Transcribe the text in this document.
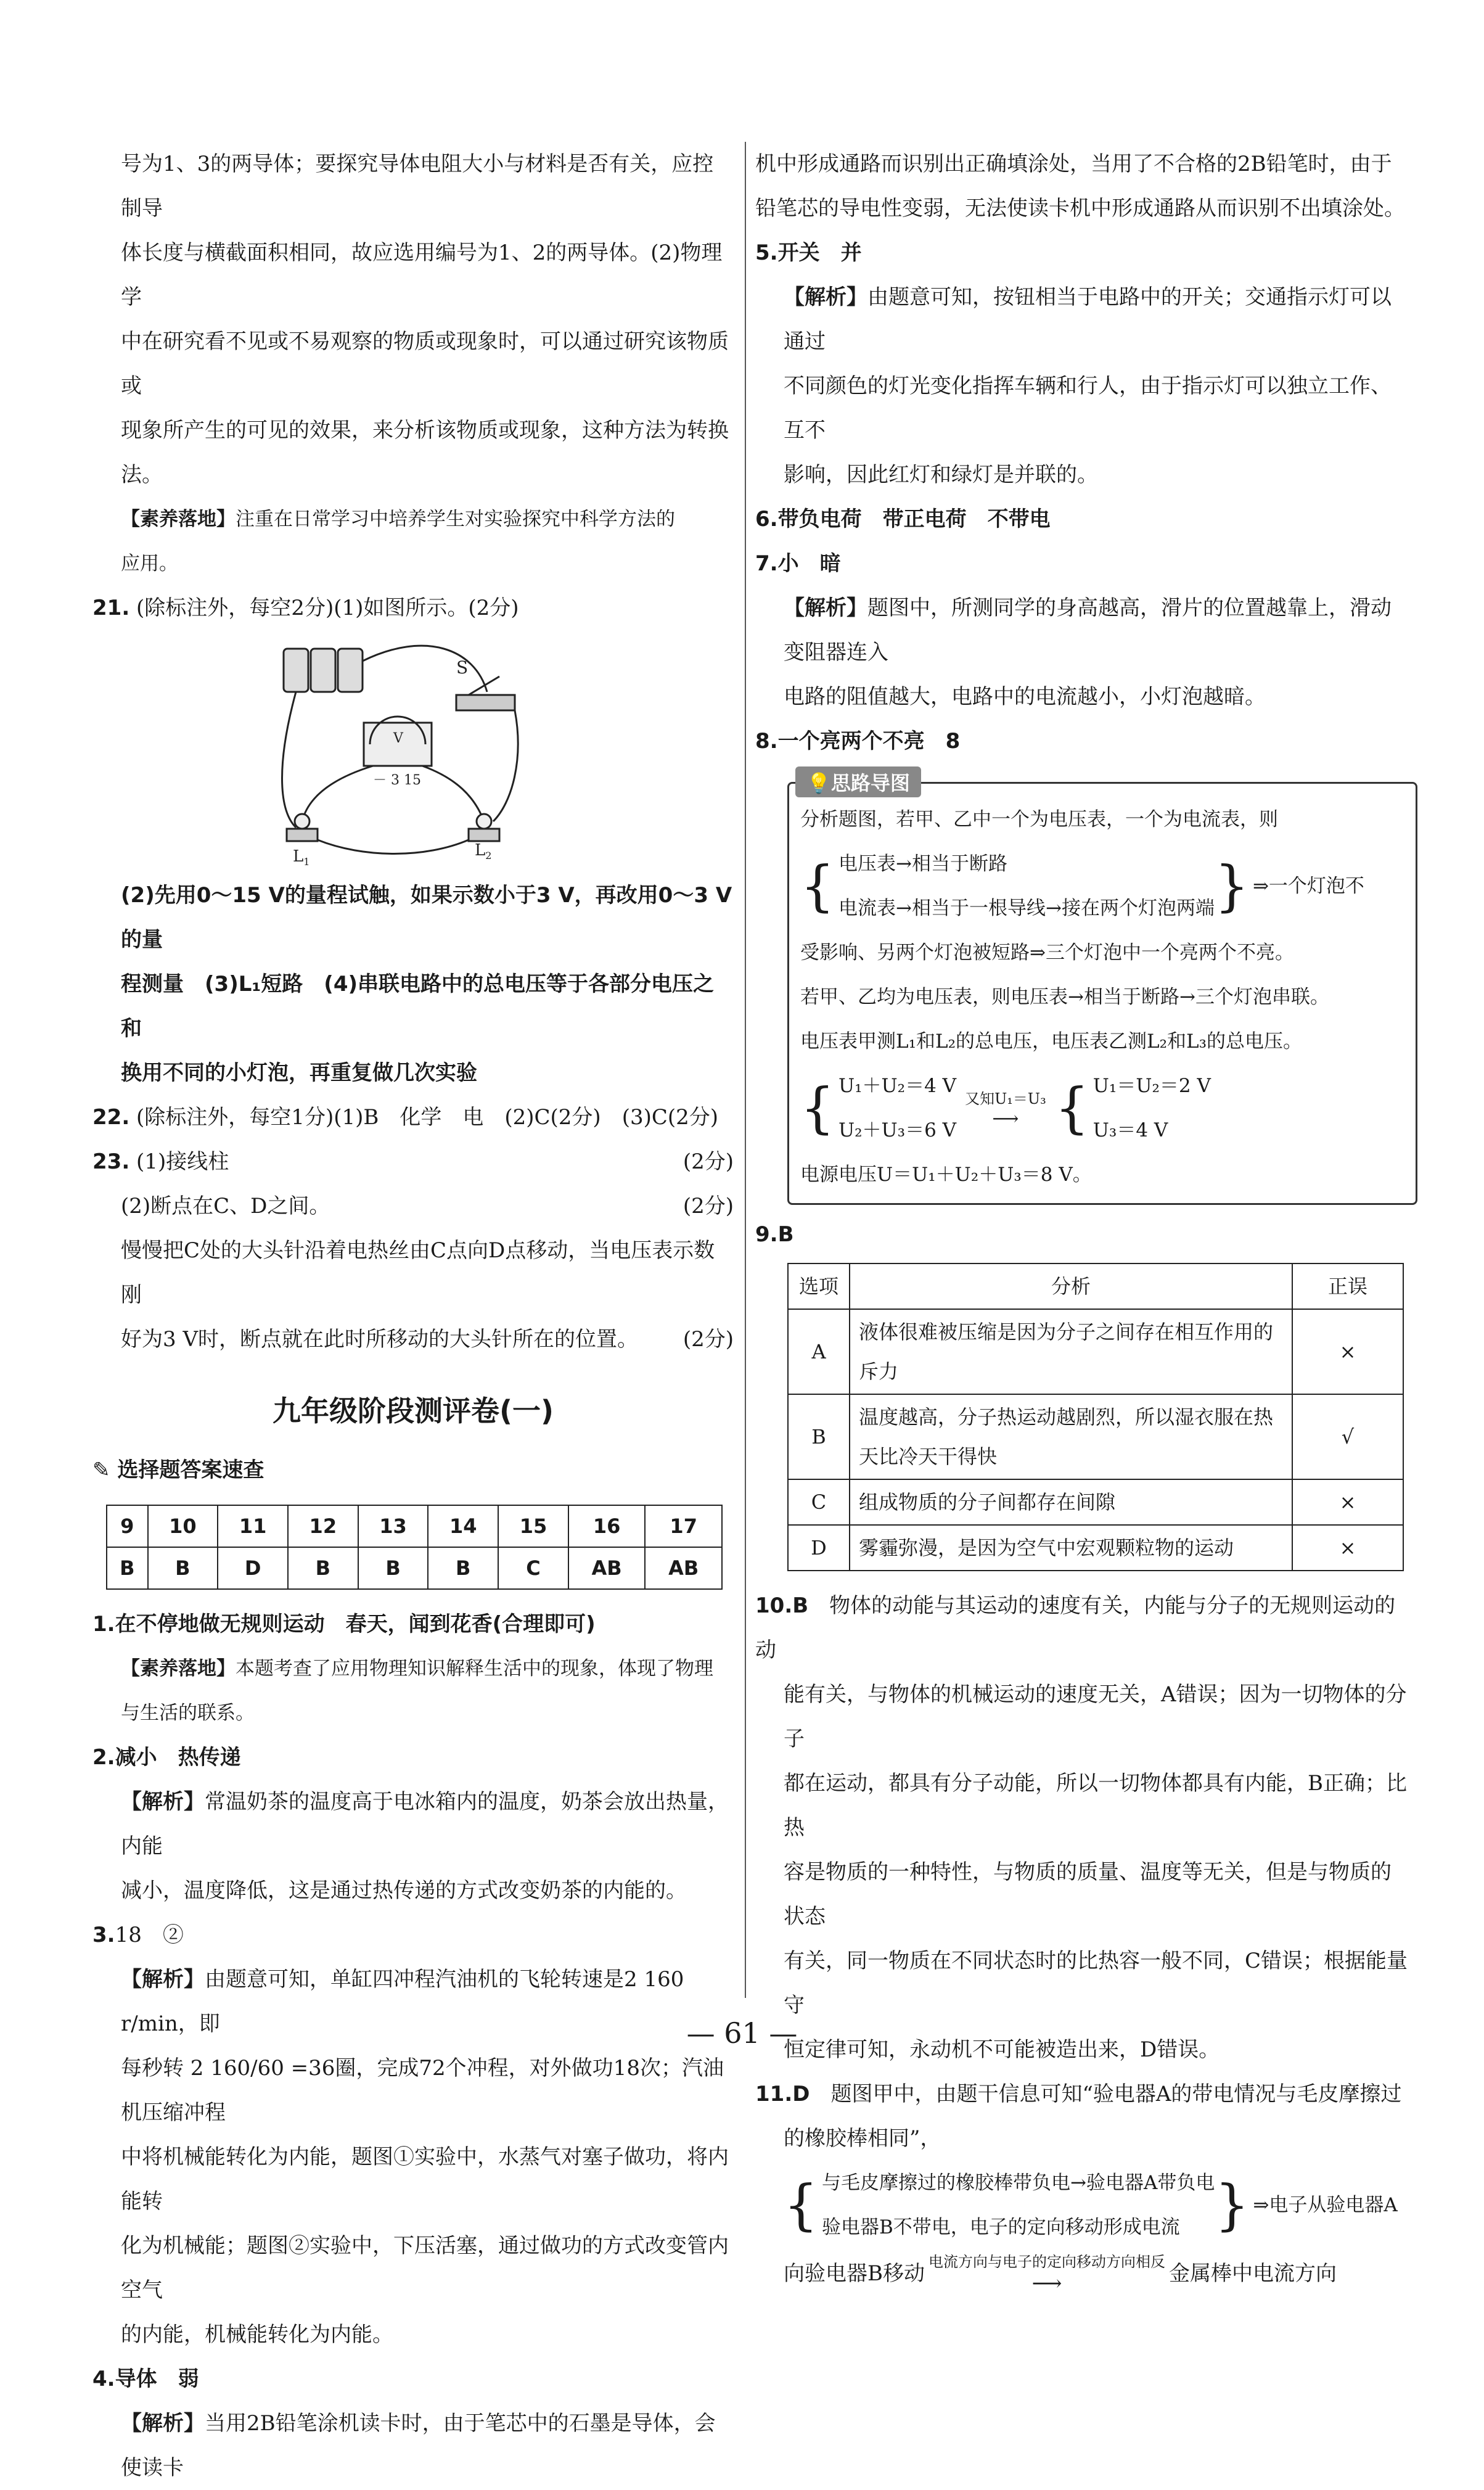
号为1、3的两导体；要探究导体电阻大小与材料是否有关，应控制导

体长度与横截面积相同，故应选用编号为1、2的两导体。(2)物理学

中在研究看不见或不易观察的物质或现象时，可以通过研究该物质或

现象所产生的可见的效果，来分析该物质或现象，这种方法为转换法。

【素养落地】注重在日常学习中培养学生对实验探究中科学方法的

应用。

21. (除标注外，每空2分)(1)如图所示。(2分)

S
V
－ 3 15
$L_1$
$L_2$

(2)先用0～15 V的量程试触，如果示数小于3 V，再改用0～3 V的量

程测量　(3)L₁短路　(4)串联电路中的总电压等于各部分电压之和

换用不同的小灯泡，再重复做几次实验

22. (除标注外，每空1分)(1)B　化学　电　(2)C(2分)　(3)C(2分)

23. (1)接线柱	(2分)
(2)断点在C、D之间。	(2分)

慢慢把C处的大头针沿着电热丝由C点向D点移动，当电压表示数刚

好为3 V时，断点就在此时所移动的大头针所在的位置。 (2分)
九年级阶段测评卷(一)
✎ 选择题答案速查
9	10	11	12	13	14	15	16	17
B	B	D	B	B	B	C	AB	AB

1.在不停地做无规则运动　春天，闻到花香(合理即可)

【素养落地】本题考查了应用物理知识解释生活中的现象，体现了物理

与生活的联系。

2.减小　热传递

【解析】常温奶茶的温度高于电冰箱内的温度，奶茶会放出热量，内能

减小，温度降低，这是通过热传递的方式改变奶茶的内能的。

3.18　②

【解析】由题意可知，单缸四冲程汽油机的飞轮转速是2 160 r/min，即

每秒转 2 160/60 =36圈，完成72个冲程，对外做功18次；汽油机压缩冲程

中将机械能转化为内能，题图①实验中，水蒸气对塞子做功，将内能转

化为机械能；题图②实验中，下压活塞，通过做功的方式改变管内空气

的内能，机械能转化为内能。

4.导体　弱

【解析】当用2B铅笔涂机读卡时，由于笔芯中的石墨是导体，会使读卡

机中形成通路而识别出正确填涂处，当用了不合格的2B铅笔时，由于

铅笔芯的导电性变弱，无法使读卡机中形成通路从而识别不出填涂处。

5.开关　并

【解析】由题意可知，按钮相当于电路中的开关；交通指示灯可以通过

不同颜色的灯光变化指挥车辆和行人，由于指示灯可以独立工作、互不

影响，因此红灯和绿灯是并联的。

6.带负电荷　带正电荷　不带电

7.小　暗

【解析】题图中，所测同学的身高越高，滑片的位置越靠上，滑动变阻器连入

电路的阻值越大，电路中的电流越小，小灯泡越暗。

8.一个亮两个不亮　8

💡思路导图

分析题图，若甲、乙中一个为电压表，一个为电流表，则

{ 电压表→相当于断路

电流表→相当于一根导线→接在两个灯泡两端 } ⇒一个灯泡不

受影响、另两个灯泡被短路⇒三个灯泡中一个亮两个不亮。

若甲、乙均为电压表，则电压表→相当于断路→三个灯泡串联。

电压表甲测L₁和L₂的总电压，电压表乙测L₂和L₃的总电压。

{ U₁＋U₂＝4 V

U₂＋U₃＝6 V

又知U₁＝U₃
⟶ { U₁＝U₂＝2 V

U₃＝4 V

电源电压U＝U₁＋U₂＋U₃＝8 V。

9.B

选项	分析	正误
A	液体很难被压缩是因为分子之间存在相互作用的斥力	×
B	温度越高，分子热运动越剧烈，所以湿衣服在热天比冷天干得快	√
C	组成物质的分子间都存在间隙	×
D	雾霾弥漫，是因为空气中宏观颗粒物的运动	×

10.B　 物体的动能与其运动的速度有关，内能与分子的无规则运动的动

能有关，与物体的机械运动的速度无关，A错误；因为一切物体的分子

都在运动，都具有分子动能，所以一切物体都具有内能，B正确；比热

容是物质的一种特性，与物质的质量、温度等无关，但是与物质的状态

有关，同一物质在不同状态时的比热容一般不同，C错误；根据能量守

恒定律可知，永动机不可能被造出来，D错误。

11.D　 题图甲中，由题干信息可知“验电器A的带电情况与毛皮摩擦过

的橡胶棒相同”，

{ 与毛皮摩擦过的橡胶棒带负电→验电器A带负电

验电器B不带电，电子的定向移动形成电流 } ⇒电子从验电器A

向验电器B移动 电流方向与电子的定向移动方向相反
⟶	金属棒中电流方向
— 61 —
